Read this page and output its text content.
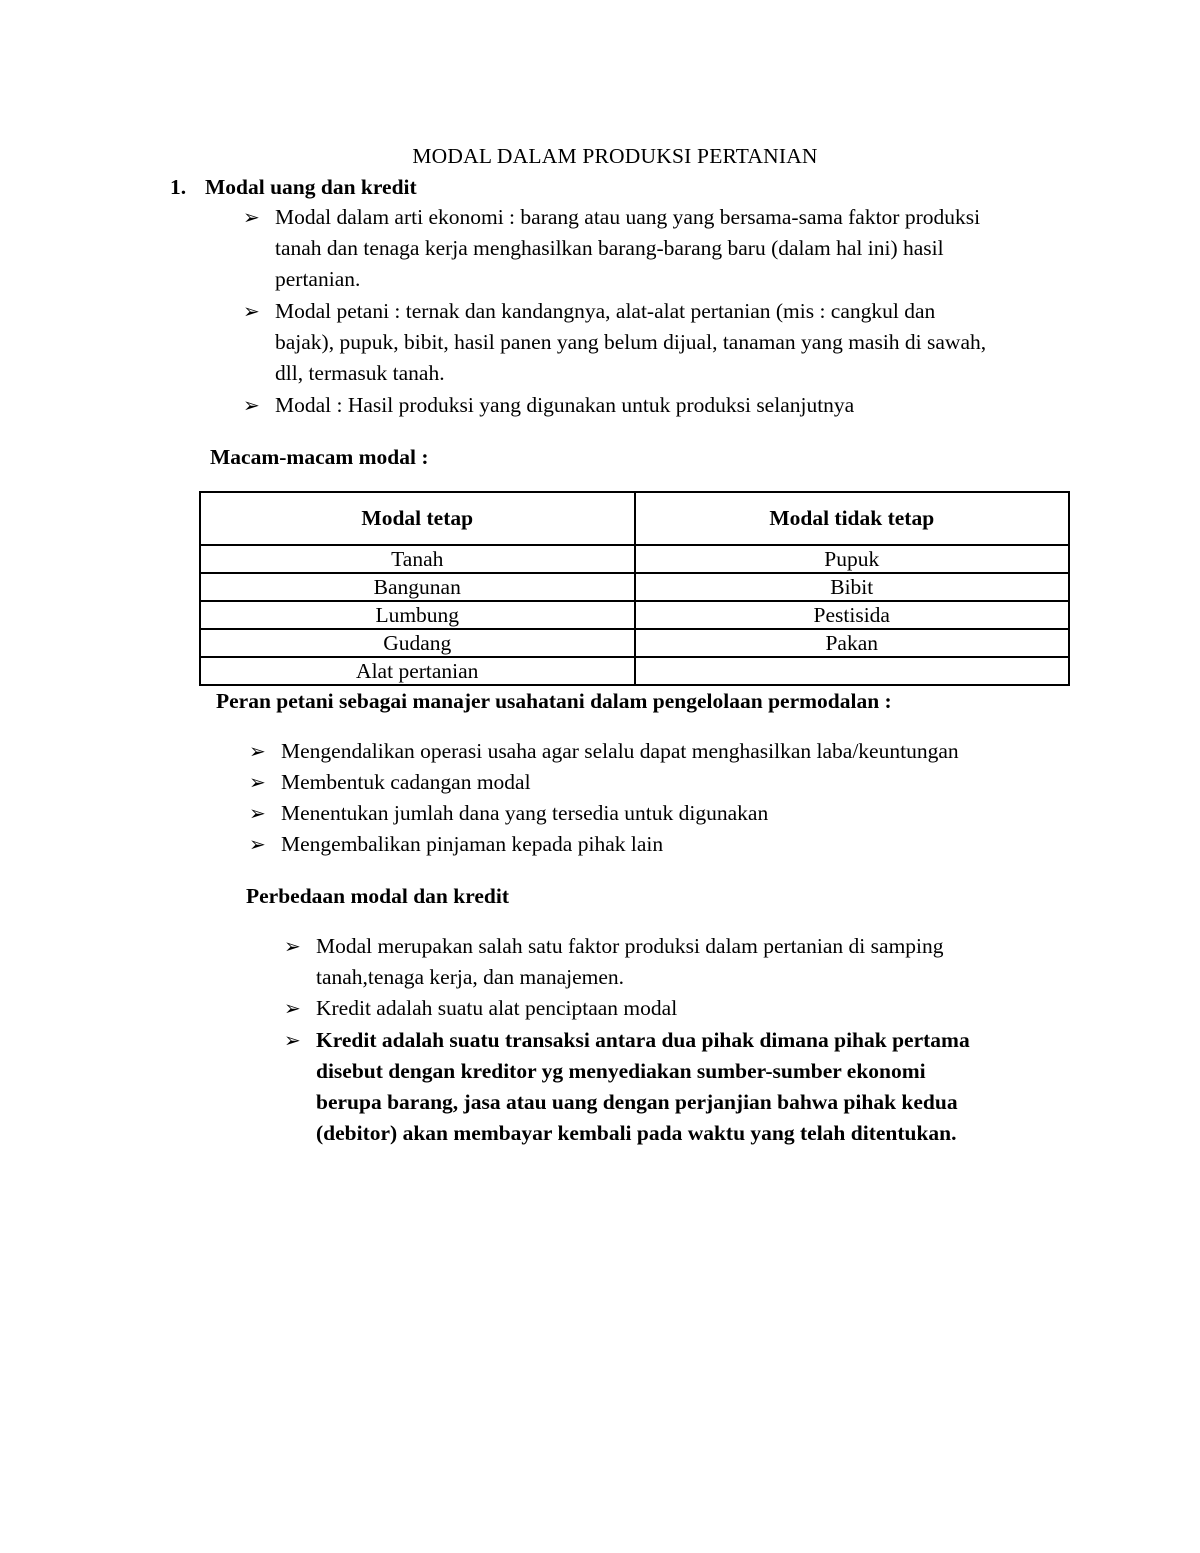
MODAL DALAM PRODUKSI PERTANIAN
1. Modal uang dan kredit
➢ Modal dalam arti ekonomi : barang atau uang yang bersama-sama faktor produksi
tanah dan tenaga kerja menghasilkan barang-barang baru (dalam hal ini) hasil
pertanian.
➢ Modal petani : ternak dan kandangnya, alat-alat pertanian (mis : cangkul dan
bajak), pupuk, bibit, hasil panen yang belum dijual, tanaman yang masih di sawah,
dll, termasuk tanah.
➢ Modal : Hasil produksi yang digunakan untuk produksi selanjutnya
Macam-macam modal :
Modal tetap	Modal tidak tetap
Tanah	Pupuk
Bangunan	Bibit
Lumbung	Pestisida
Gudang	Pakan
Alat pertanian	
Peran petani sebagai manajer usahatani dalam pengelolaan permodalan :
➢ Mengendalikan operasi usaha agar selalu dapat menghasilkan laba/keuntungan
➢ Membentuk cadangan modal
➢ Menentukan jumlah dana yang tersedia untuk digunakan
➢ Mengembalikan pinjaman kepada pihak lain
Perbedaan modal dan kredit
➢ Modal merupakan salah satu faktor produksi dalam pertanian di samping
tanah,tenaga kerja, dan manajemen.
➢ Kredit adalah suatu alat penciptaan modal
➢ Kredit adalah suatu transaksi antara dua pihak dimana pihak pertama
disebut dengan kreditor yg menyediakan sumber-sumber ekonomi
berupa barang, jasa atau uang dengan perjanjian bahwa pihak kedua
(debitor) akan membayar kembali pada waktu yang telah ditentukan.
